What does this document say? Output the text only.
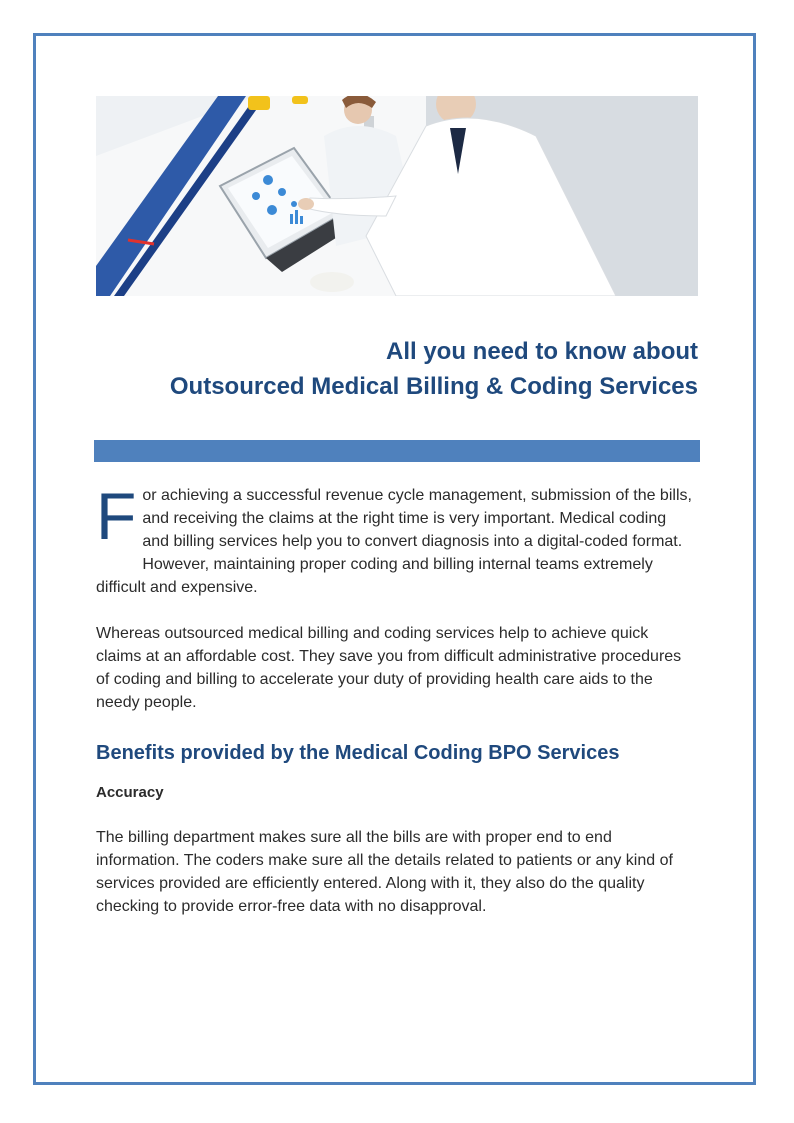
All you need to know about
Outsourced Medical Billing & Coding Services

For achieving a successful revenue cycle management, submission of the bills, and receiving the claims at the right time is very important. Medical coding and billing services help you to convert diagnosis into a digital-coded format. However, maintaining proper coding and billing internal teams extremely difficult and expensive.

Whereas outsourced medical billing and coding services help to achieve quick claims at an affordable cost. They save you from difficult administrative procedures of coding and billing to accelerate your duty of providing health care aids to the needy people.

Benefits provided by the Medical Coding BPO Services
Accuracy

The billing department makes sure all the bills are with proper end to end information. The coders make sure all the details related to patients or any kind of services provided are efficiently entered. Along with it, they also do the quality checking to provide error-free data with no disapproval.
